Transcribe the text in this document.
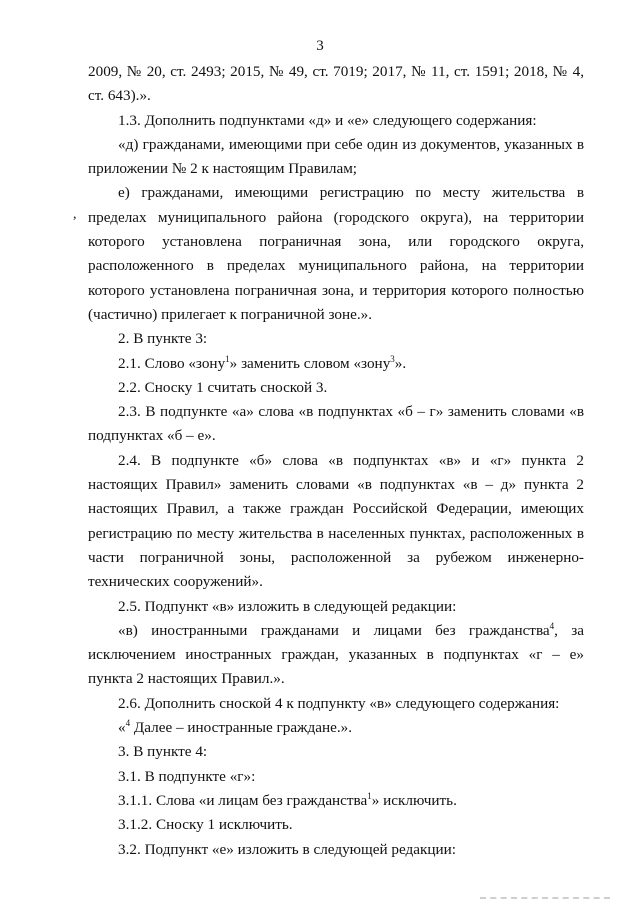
3
,

2009, № 20, ст. 2493; 2015, № 49, ст. 7019; 2017, № 11, ст. 1591; 2018, № 4, ст. 643).».

1.3. Дополнить подпунктами «д» и «е» следующего содержания:

«д) гражданами, имеющими при себе один из документов, указанных в приложении № 2 к настоящим Правилам;

е) гражданами, имеющими регистрацию по месту жительства в пределах муниципального района (городского округа), на территории которого установлена пограничная зона, или городского округа, расположенного в пределах муниципального района, на территории которого установлена пограничная зона, и территория которого полностью (частично) прилегает к пограничной зоне.».

2. В пункте 3:

2.1. Слово «зону$^1$» заменить словом «зону$^3$».

2.2. Сноску 1 считать сноской 3.

2.3. В подпункте «а» слова «в подпунктах «б – г» заменить словами «в подпунктах «б – е».

2.4. В подпункте «б» слова «в подпунктах «в» и «г» пункта 2 настоящих Правил» заменить словами «в подпунктах «в – д» пункта 2 настоящих Правил, а также граждан Российской Федерации, имеющих регистрацию по месту жительства в населенных пунктах, расположенных в части пограничной зоны, расположенной за рубежом инженерно-технических сооружений».

2.5. Подпункт «в» изложить в следующей редакции:

«в) иностранными гражданами и лицами без гражданства$^4$, за исключением иностранных граждан, указанных в подпунктах «г – е» пункта 2 настоящих Правил.».

2.6. Дополнить сноской 4 к подпункту «в» следующего содержания:

«$^4$ Далее – иностранные граждане.».

3. В пункте 4:

3.1. В подпункте «г»:

3.1.1. Слова «и лицам без гражданства$^1$» исключить.

3.1.2. Сноску 1 исключить.

3.2. Подпункт «е» изложить в следующей редакции:
